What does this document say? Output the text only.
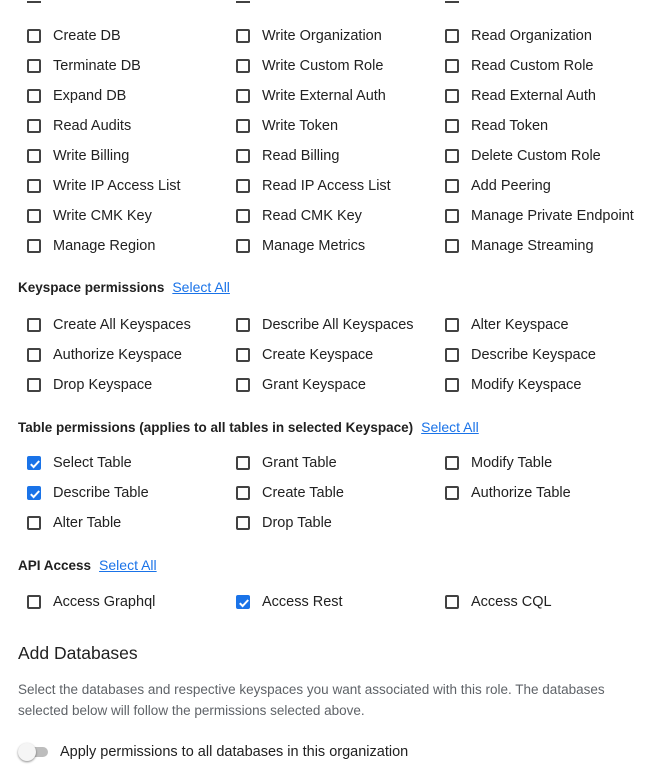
Create DB	Write Organization	Read Organization
Terminate DB	Write Custom Role	Read Custom Role
Expand DB	Write External Auth	Read External Auth
Read Audits	Write Token	Read Token
Write Billing	Read Billing	Delete Custom Role
Write IP Access List	Read IP Access List	Add Peering
Write CMK Key	Read CMK Key	Manage Private Endpoint
Manage Region	Manage Metrics	Manage Streaming
Keyspace permissions Select All
Create All Keyspaces	Describe All Keyspaces	Alter Keyspace
Authorize Keyspace	Create Keyspace	Describe Keyspace
Drop Keyspace	Grant Keyspace	Modify Keyspace
Table permissions (applies to all tables in selected Keyspace) Select All
Select Table	Grant Table	Modify Table
Describe Table	Create Table	Authorize Table
Alter Table	Drop Table
API Access Select All
Access Graphql	Access Rest	Access CQL
Add Databases
Select the databases and respective keyspaces you want associated with this role. The databases selected below will follow the permissions selected above.
Apply permissions to all databases in this organization
